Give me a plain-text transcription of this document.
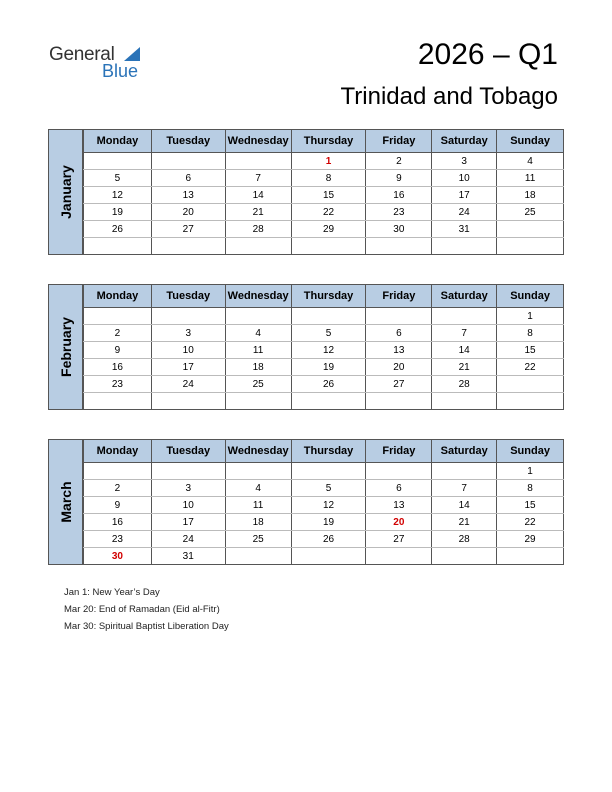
General
Blue	2026 – Q1
Trinidad and Tobago
January
Monday	Tuesday	Wednesday	Thursday	Friday	Saturday	Sunday
			1	2	3	4
5	6	7	8	9	10	11
12	13	14	15	16	17	18
19	20	21	22	23	24	25
26	27	28	29	30	31	

February
Monday	Tuesday	Wednesday	Thursday	Friday	Saturday	Sunday
						1
2	3	4	5	6	7	8
9	10	11	12	13	14	15
16	17	18	19	20	21	22
23	24	25	26	27	28	

March
Monday	Tuesday	Wednesday	Thursday	Friday	Saturday	Sunday
						1
2	3	4	5	6	7	8
9	10	11	12	13	14	15
16	17	18	19	20	21	22
23	24	25	26	27	28	29
30	31					
Jan 1: New Year’s Day
Mar 20: End of Ramadan (Eid al-Fitr)
Mar 30: Spiritual Baptist Liberation Day
